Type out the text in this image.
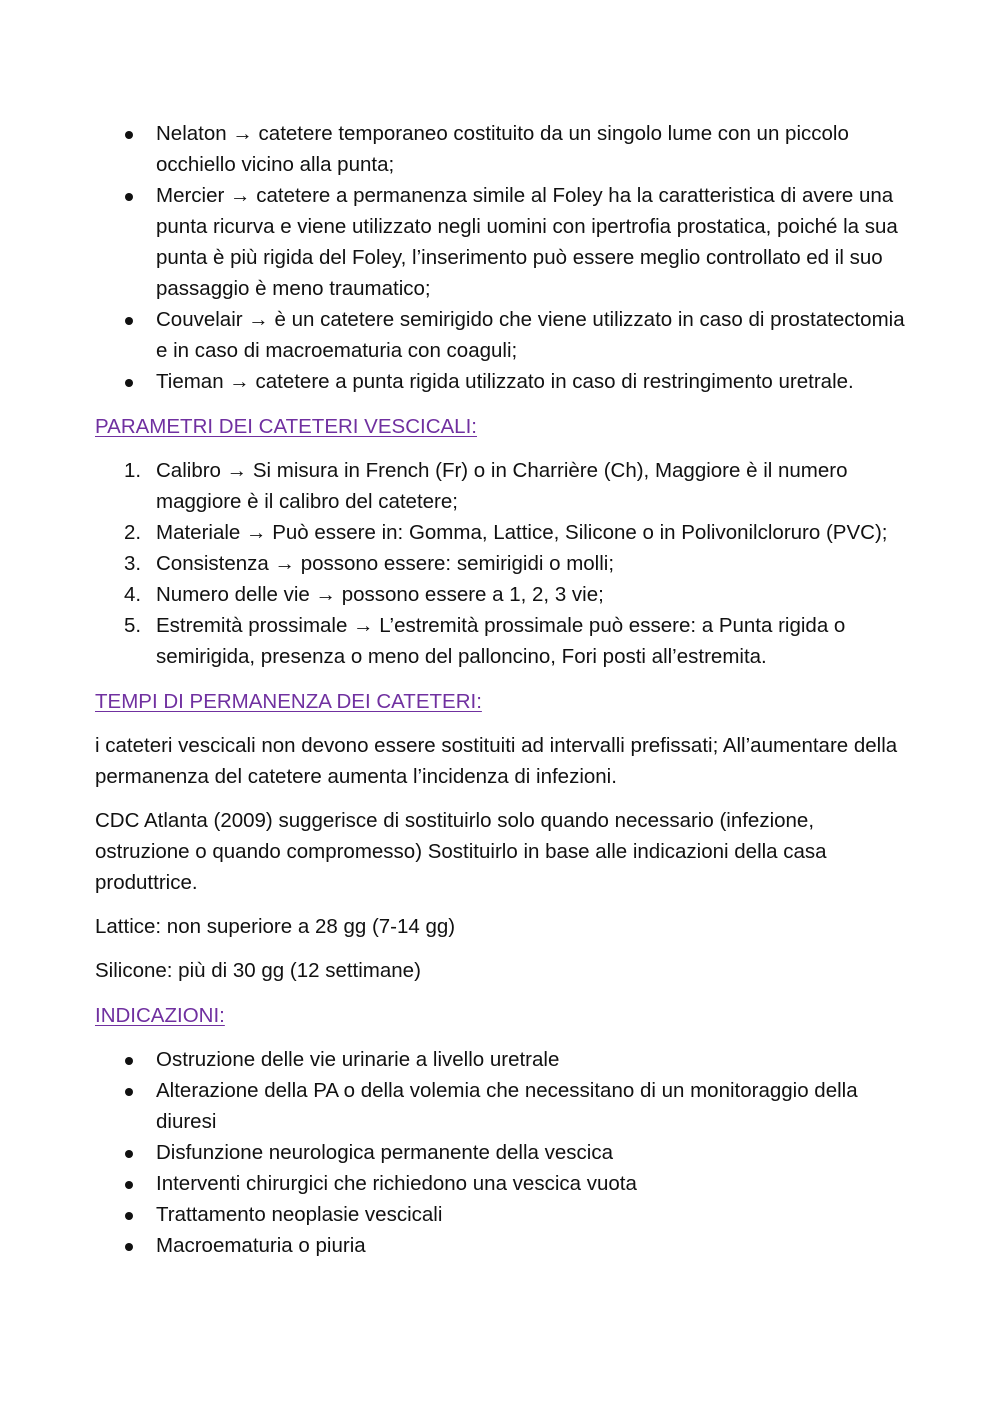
Nelaton → catetere temporaneo costituito da un singolo lume con un piccolo occhiello vicino alla punta;
Mercier → catetere a permanenza simile al Foley ha la caratteristica di avere una punta ricurva e viene utilizzato negli uomini con ipertrofia prostatica, poiché la sua punta è più rigida del Foley, l’inserimento può essere meglio controllato ed il suo passaggio è meno traumatico;
Couvelair → è un catetere semirigido che viene utilizzato in caso di prostatectomia e in caso di macroematuria con coaguli;
Tieman → catetere a punta rigida utilizzato in caso di restringimento uretrale.
PARAMETRI DEI CATETERI VESCICALI:
1. Calibro → Si misura in French (Fr) o in Charrière (Ch), Maggiore è il numero maggiore è il calibro del catetere;
2. Materiale → Può essere in: Gomma, Lattice, Silicone o in Polivonilcloruro (PVC);
3. Consistenza → possono essere: semirigidi o molli;
4. Numero delle vie → possono essere a 1, 2, 3 vie;
5. Estremità prossimale → L’estremità prossimale può essere: a Punta rigida o semirigida, presenza o meno del palloncino, Fori posti all’estremita.
TEMPI DI PERMANENZA DEI CATETERI:

i cateteri vescicali non devono essere sostituiti ad intervalli prefissati; All’aumentare della permanenza del catetere aumenta l’incidenza di infezioni.

CDC Atlanta (2009) suggerisce di sostituirlo solo quando necessario (infezione, ostruzione o quando compromesso) Sostituirlo in base alle indicazioni della casa produttrice.

Lattice: non superiore a 28 gg (7-14 gg)

Silicone: più di 30 gg (12 settimane)

INDICAZIONI:
Ostruzione delle vie urinarie a livello uretrale
Alterazione della PA o della volemia che necessitano di un monitoraggio della diuresi
Disfunzione neurologica permanente della vescica
Interventi chirurgici che richiedono una vescica vuota
Trattamento neoplasie vescicali
Macroematuria o piuria
